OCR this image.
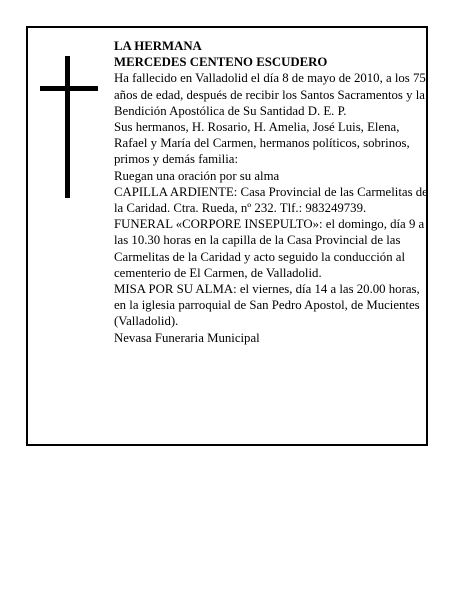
LA HERMANA

MERCEDES CENTENO ESCUDERO

Ha fallecido en Valladolid el día 8 de mayo de 2010, a los 75 años de edad, después de recibir los Santos Sacramentos y la Bendición Apostólica de Su Santidad D. E. P.

Sus hermanos, H. Rosario, H. Amelia, José Luis, Elena, Rafael y María del Carmen, hermanos políticos, sobrinos, primos y demás familia:

Ruegan una oración por su alma

CAPILLA ARDIENTE: Casa Provincial de las Carmelitas de la Caridad. Ctra. Rueda, nº 232. Tlf.: 983249739.

FUNERAL «CORPORE INSEPULTO»: el domingo, día 9 a las 10.30 horas en la capilla de la Casa Provincial de las Carmelitas de la Caridad y acto seguido la conducción al cementerio de El Carmen, de Valladolid.

MISA POR SU ALMA: el viernes, día 14 a las 20.00 horas, en la iglesia parroquial de San Pedro Apostol, de Mucientes (Valladolid).

Nevasa Funeraria Municipal
